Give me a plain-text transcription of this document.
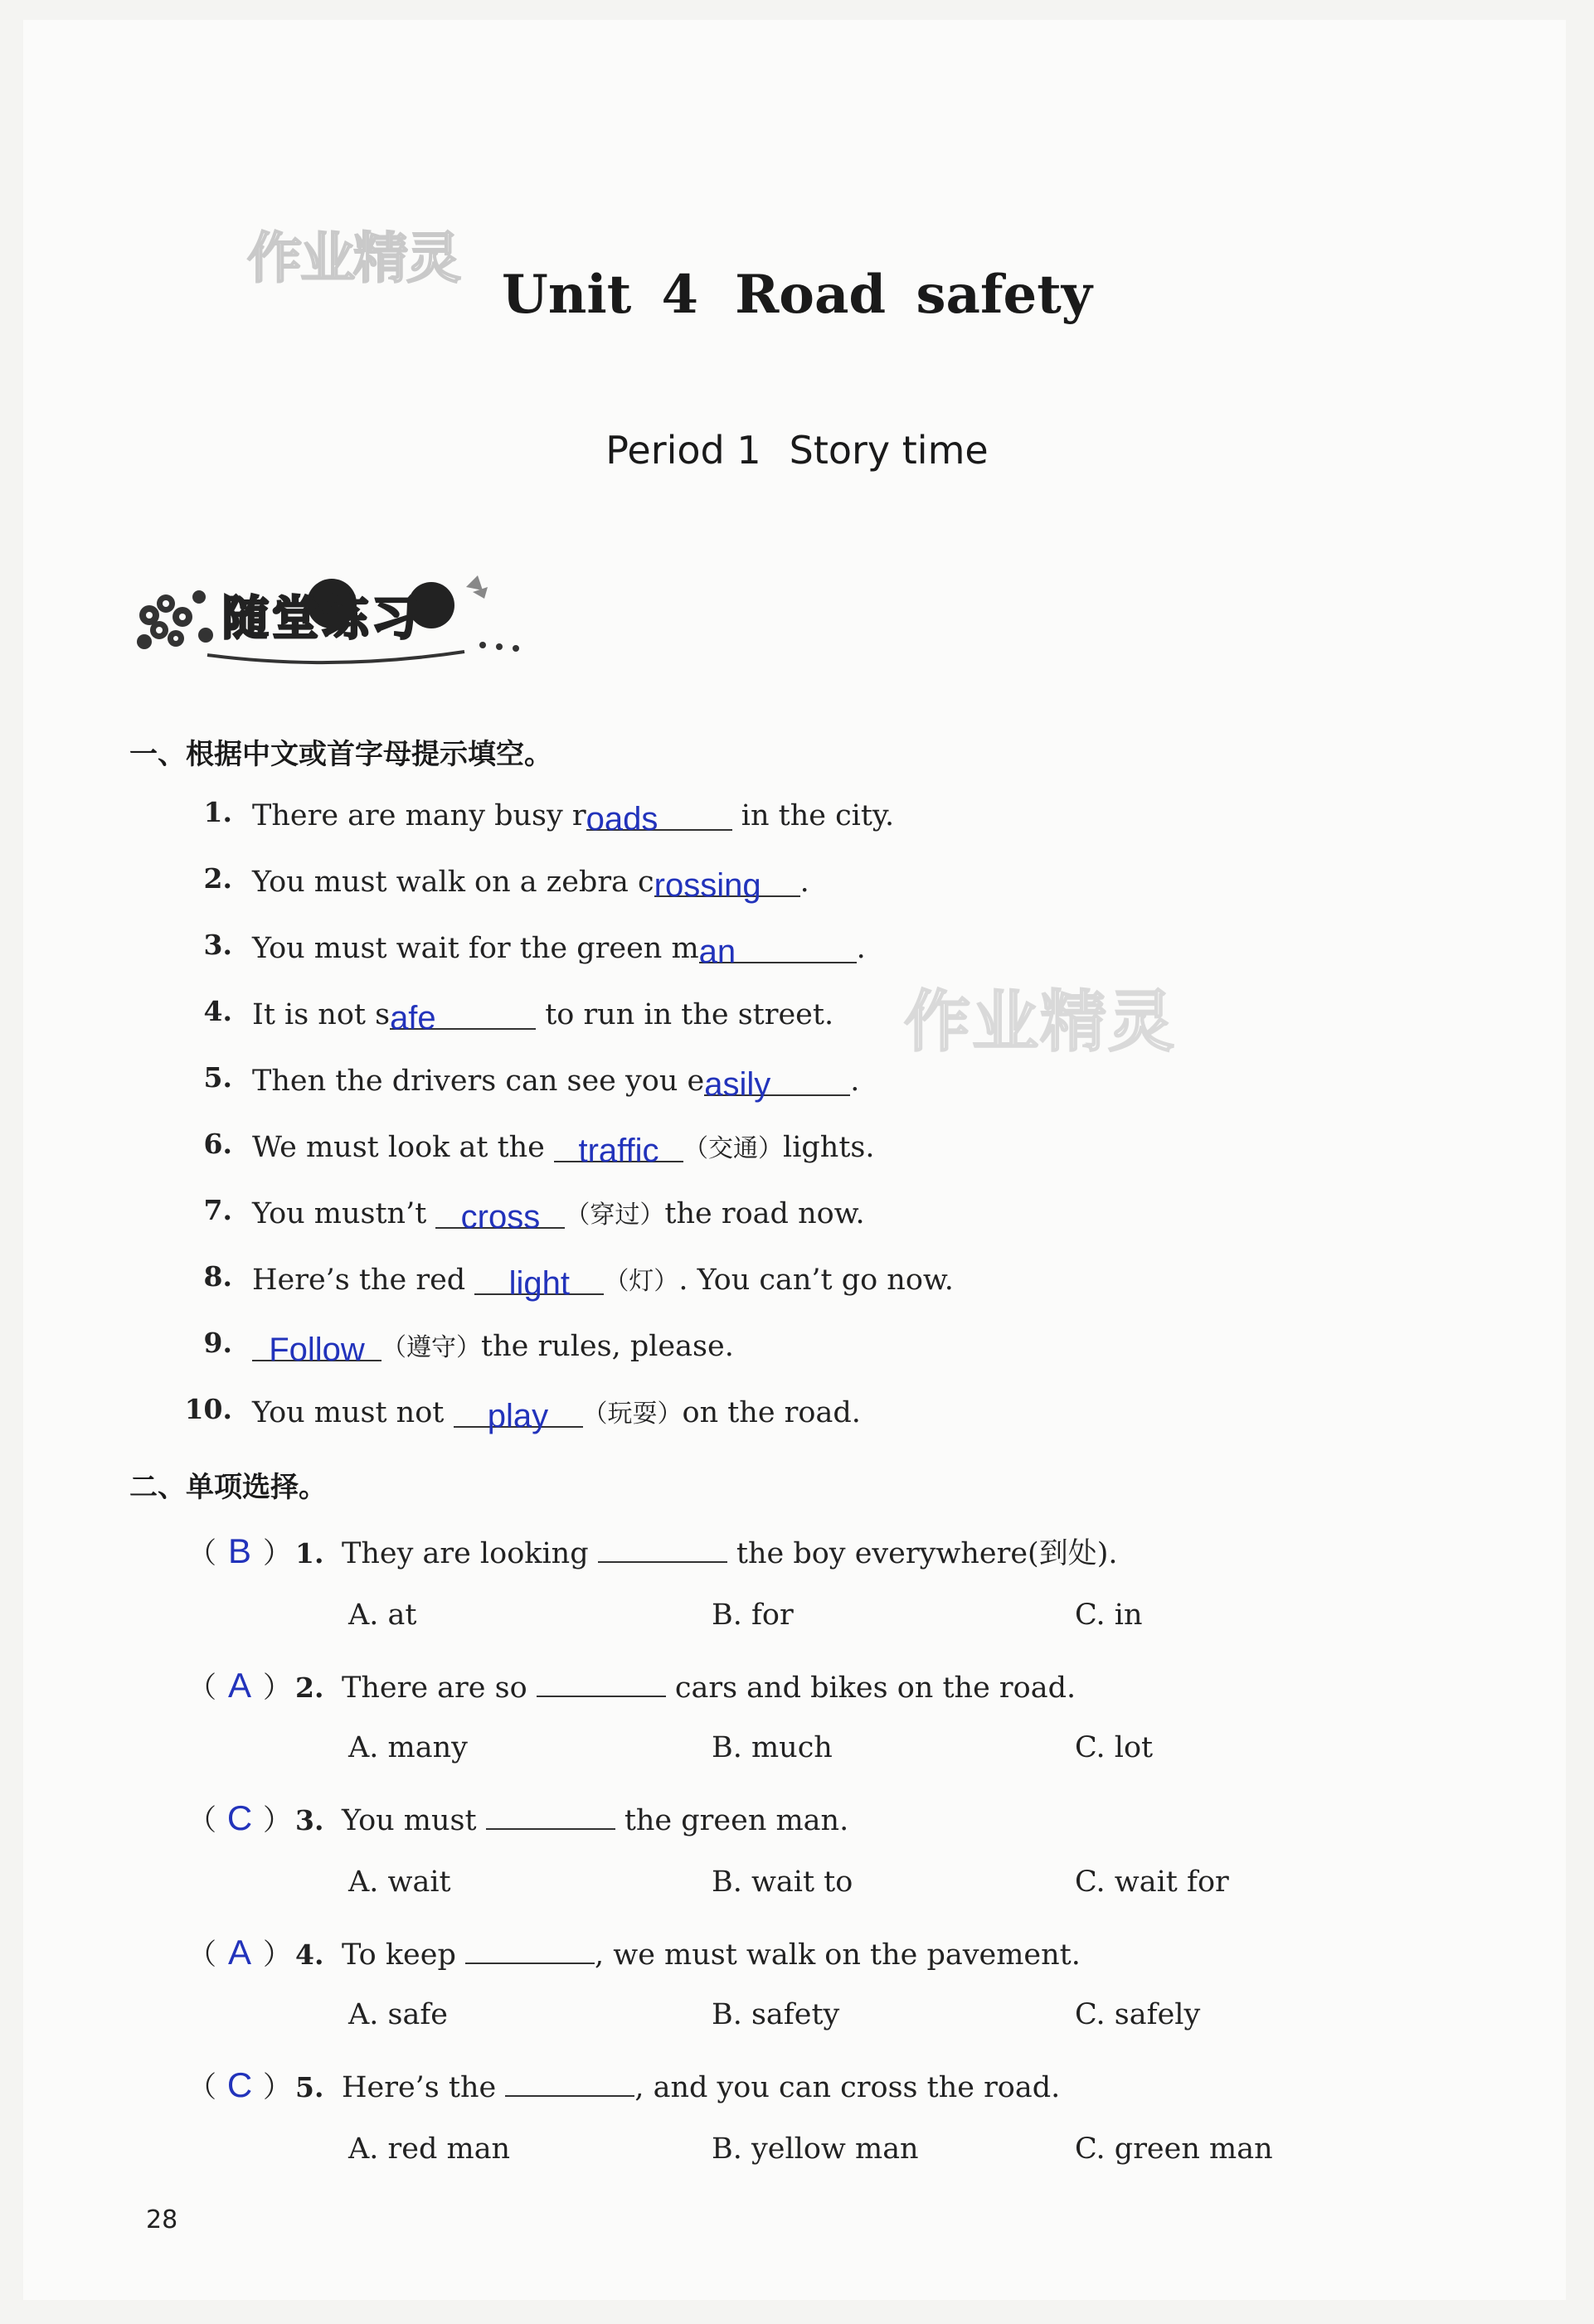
作业精灵
Unit 4 Road safety
Period 1 Story time
随堂练习
一、根据中文或首字母提示填空。
1. There are many busy roads	in the city.
2. You must walk on a zebra crossing .
3. You must wait for the green man	.
4. It is not safe	to run in the street.
5. Then the drivers can see you easily	.
6. We must look at the traffic （交通）lights.
7. You mustn’t cross （穿过）the road now.
8. Here’s the red light （灯）. You can’t go now.
9.	Follow （遵守）the rules, please.
10. You must not play （玩耍）on the road.
作业精灵
二、单项选择。
（ B ） 1. They are looking	the boy everywhere(到处).
A. at	B. for	C. in
（ A ） 2. There are so	cars and bikes on the road.
A. many	B. much	C. lot
（ C ） 3. You must	the green man.
A. wait	B. wait to	C. wait for
（ A ） 4. To keep	, we must walk on the pavement.
A. safe	B. safety	C. safely
（ C ） 5. Here’s the	, and you can cross the road.
A. red man	B. yellow man	C. green man
28
